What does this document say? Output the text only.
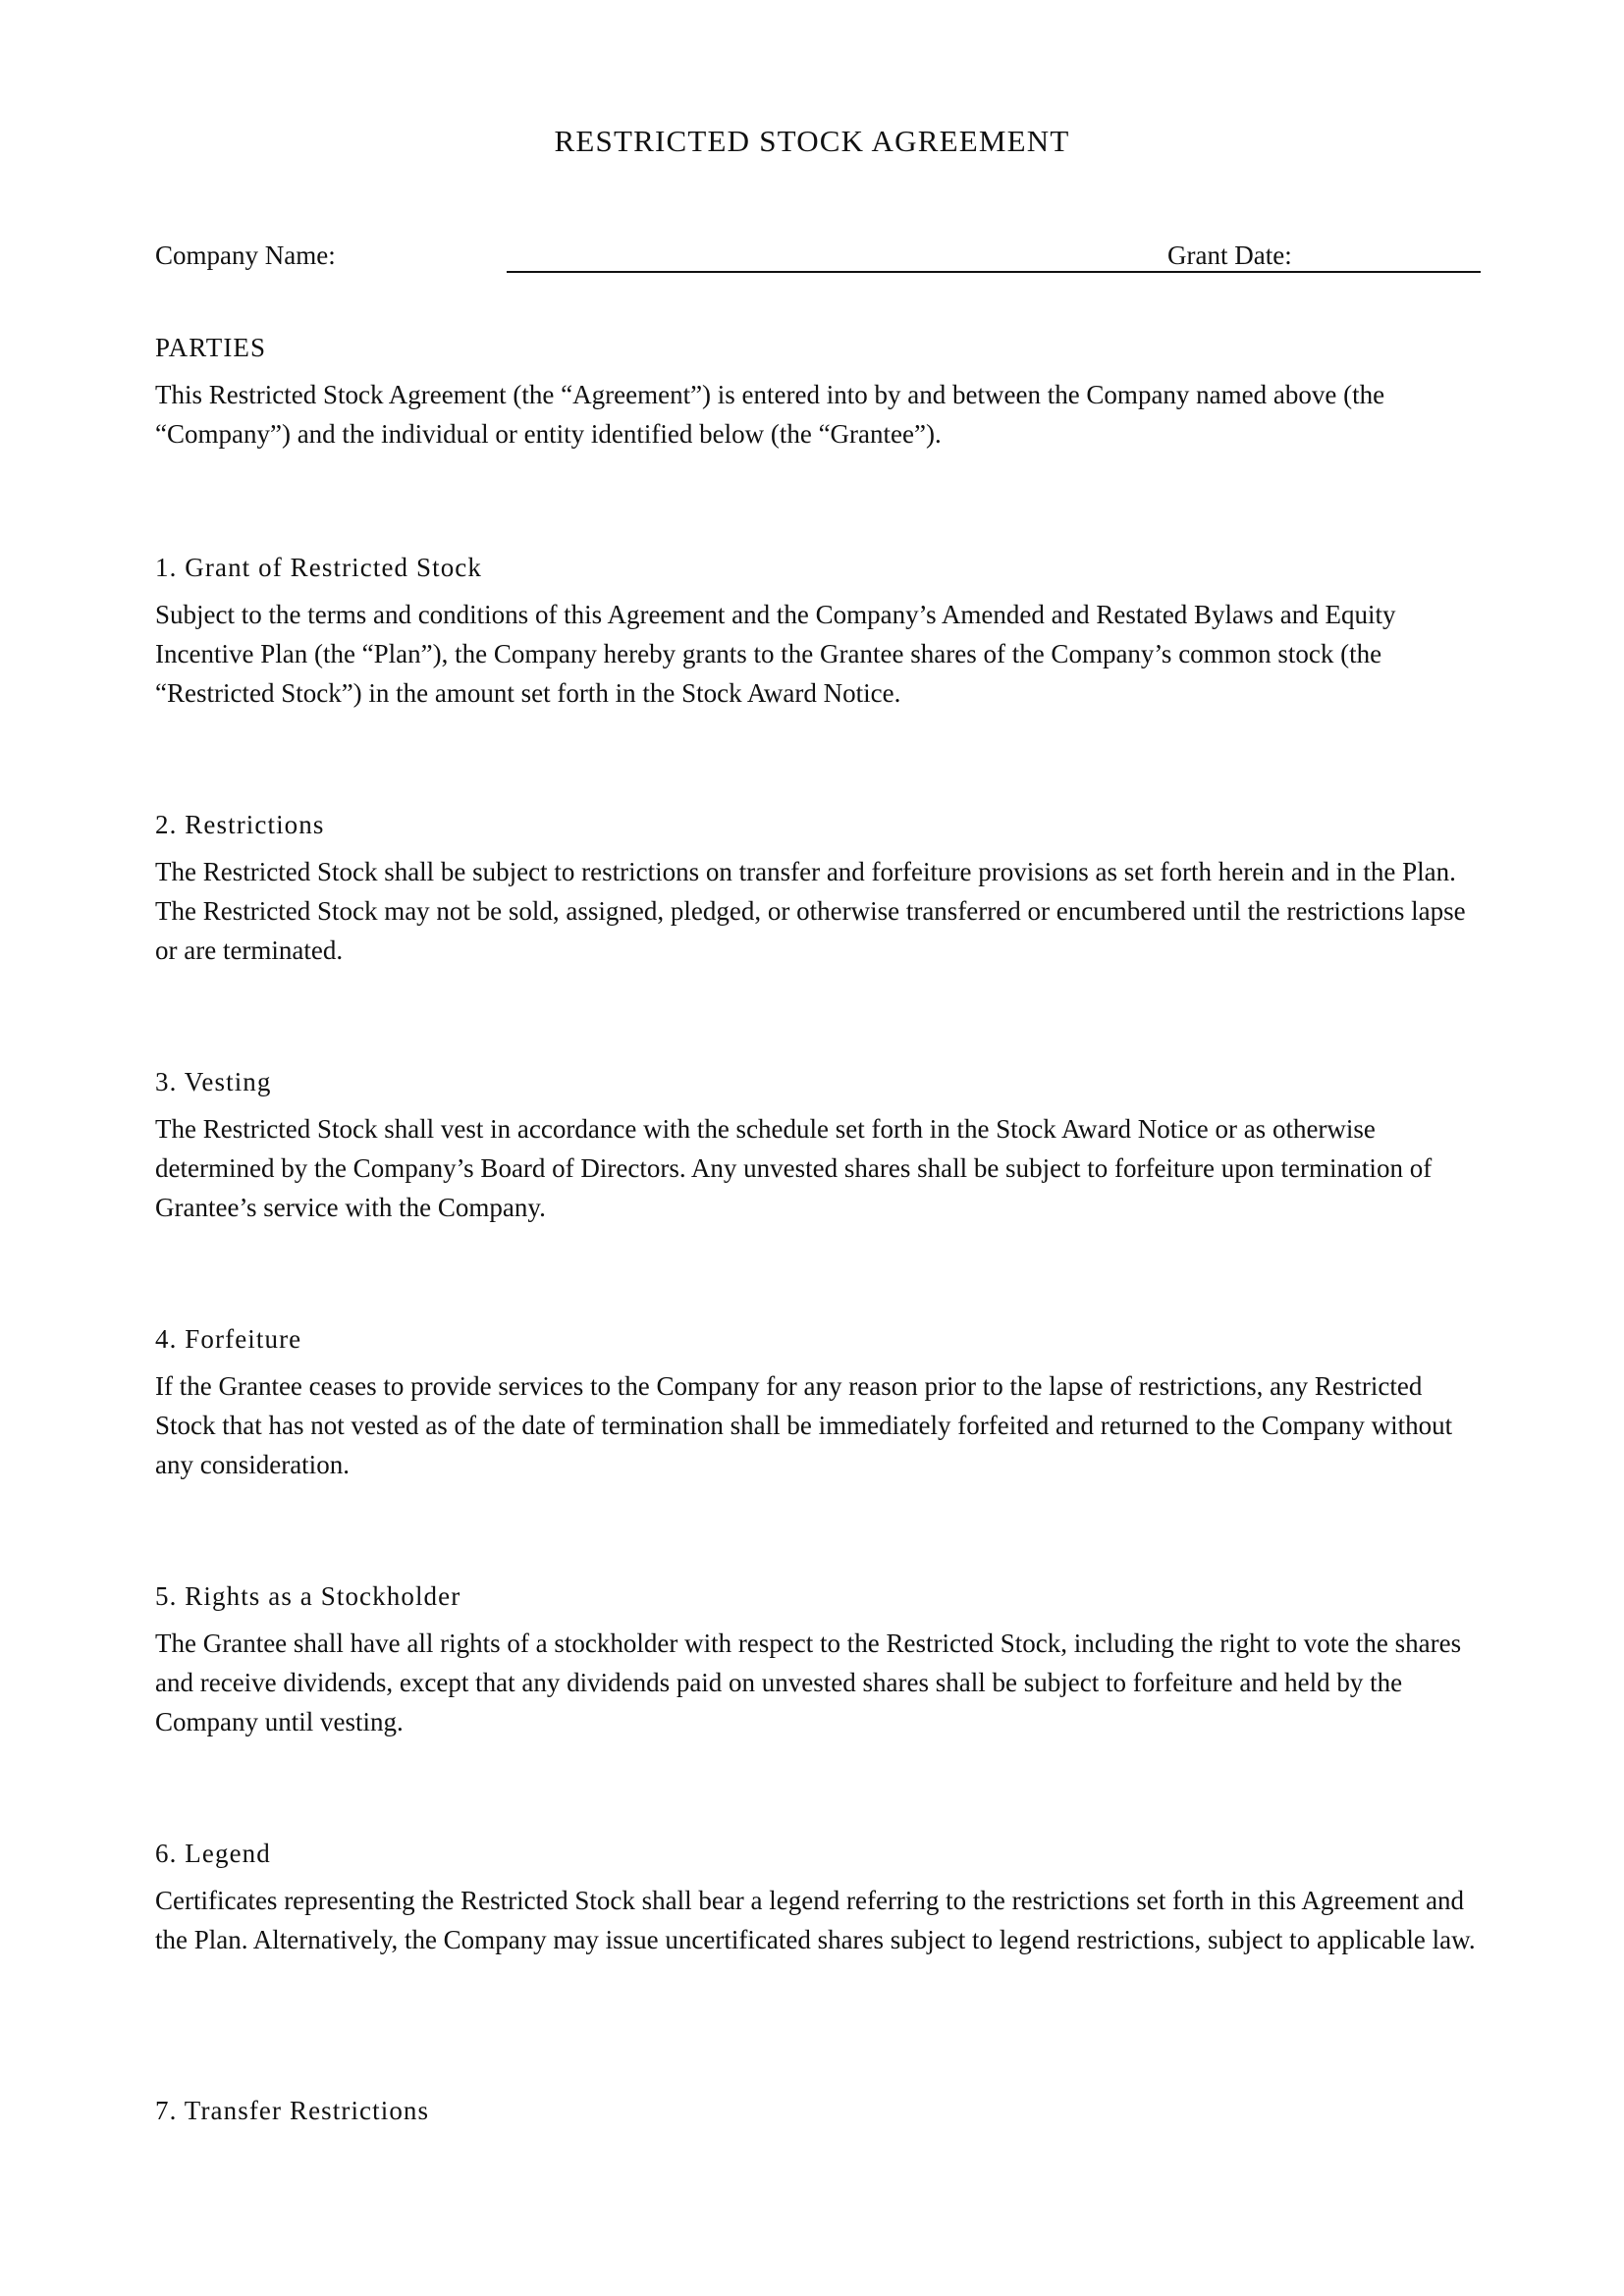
RESTRICTED STOCK AGREEMENT
Company Name:	Grant Date:
PARTIES

This Restricted Stock Agreement (the “Agreement”) is entered into by and between the Company named above (the “Company”) and the individual or entity identified below (the “Grantee”).

1. Grant of Restricted Stock

Subject to the terms and conditions of this Agreement and the Company’s Amended and Restated Bylaws and Equity Incentive Plan (the “Plan”), the Company hereby grants to the Grantee shares of the Company’s common stock (the “Restricted Stock”) in the amount set forth in the Stock Award Notice.

2. Restrictions

The Restricted Stock shall be subject to restrictions on transfer and forfeiture provisions as set forth herein and in the Plan. The Restricted Stock may not be sold, assigned, pledged, or otherwise transferred or encumbered until the restrictions lapse or are terminated.

3. Vesting

The Restricted Stock shall vest in accordance with the schedule set forth in the Stock Award Notice or as otherwise determined by the Company’s Board of Directors. Any unvested shares shall be subject to forfeiture upon termination of Grantee’s service with the Company.

4. Forfeiture

If the Grantee ceases to provide services to the Company for any reason prior to the lapse of restrictions, any Restricted Stock that has not vested as of the date of termination shall be immediately forfeited and returned to the Company without any consideration.

5. Rights as a Stockholder

The Grantee shall have all rights of a stockholder with respect to the Restricted Stock, including the right to vote the shares and receive dividends, except that any dividends paid on unvested shares shall be subject to forfeiture and held by the Company until vesting.

6. Legend

Certificates representing the Restricted Stock shall bear a legend referring to the restrictions set forth in this Agreement and the Plan. Alternatively, the Company may issue uncertificated shares subject to legend restrictions, subject to applicable law.

7. Transfer Restrictions
